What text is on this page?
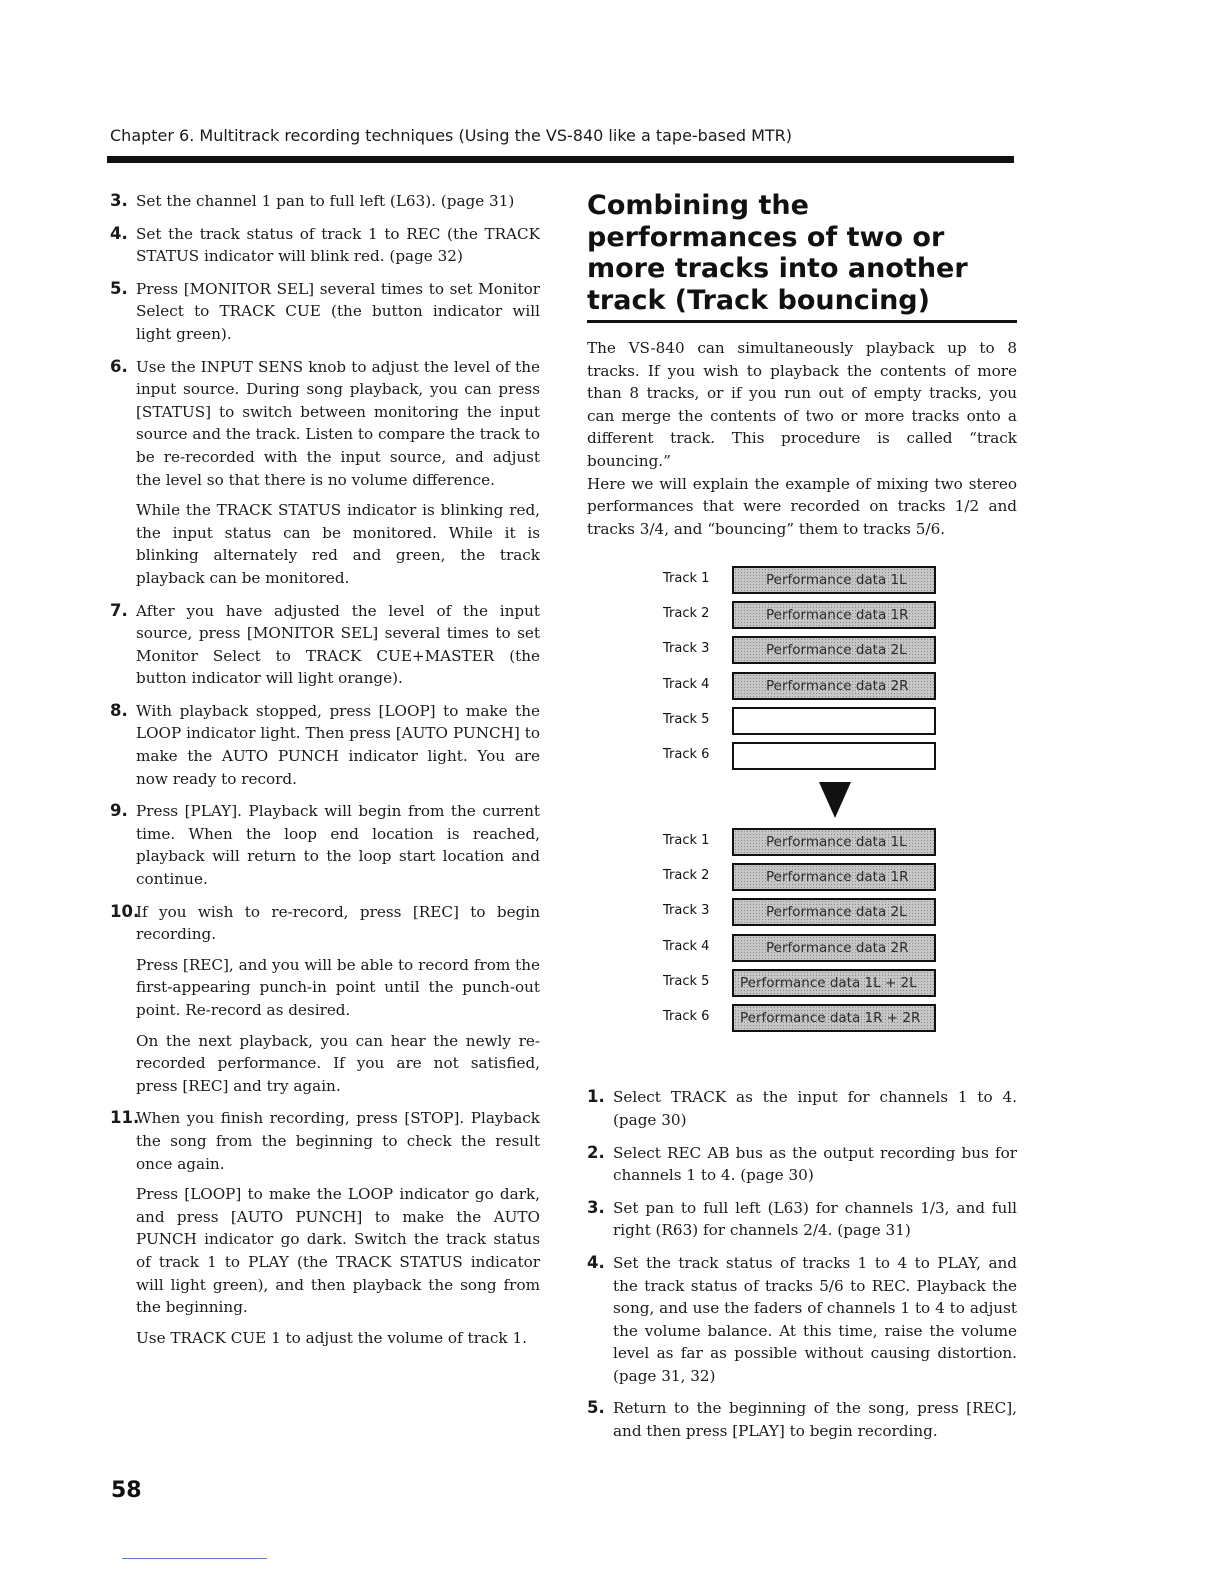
Chapter 6. Multitrack recording techniques (Using the VS-840 like a tape-based MTR)
3. Set the channel 1 pan to full left (L63). (page 31)

4. Set the track status of track 1 to REC (the TRACK STATUS indicator will blink red. (page 32)

5. Press [MONITOR SEL] several times to set Monitor Select to TRACK CUE (the button indicator will light green).

6. Use the INPUT SENS knob to adjust the level of the input source. During song playback, you can press [STATUS] to switch between monitoring the input source and the track. Listen to compare the track to be re-recorded with the input source, and adjust the level so that there is no volume difference.

While the TRACK STATUS indicator is blinking red, the input status can be monitored. While it is blinking alternately red and green, the track playback can be monitored.

7. After you have adjusted the level of the input source, press [MONITOR SEL] several times to set Monitor Select to TRACK CUE+MASTER (the button indicator will light orange).

8. With playback stopped, press [LOOP] to make the LOOP indicator light. Then press [AUTO PUNCH] to make the AUTO PUNCH indicator light. You are now ready to record.

9. Press [PLAY]. Playback will begin from the current time. When the loop end location is reached, playback will return to the loop start location and continue.

10.

If you wish to re-record, press [REC] to begin recording.

Press [REC], and you will be able to record from the first-appearing punch-in point until the punch-out point. Re-record as desired.

On the next playback, you can hear the newly re-recorded performance. If you are not satisfied, press [REC] and try again.

11.

When you finish recording, press [STOP]. Playback the song from the beginning to check the result once again.

Press [LOOP] to make the LOOP indicator go dark, and press [AUTO PUNCH] to make the AUTO PUNCH indicator go dark. Switch the track status of track 1 to PLAY (the TRACK STATUS indicator will light green), and then playback the song from the beginning.

Use TRACK CUE 1 to adjust the volume of track 1.

Combining the performances of two or more tracks into another track (Track bouncing)

The VS-840 can simultaneously playback up to 8 tracks. If you wish to playback the contents of more than 8 tracks, or if you run out of empty tracks, you can merge the contents of two or more tracks onto a different track. This procedure is called “track bouncing.”

Here we will explain the example of mixing two stereo performances that were recorded on tracks 1/2 and tracks 3/4, and “bouncing” them to tracks 5/6.

Track 1	Performance data 1L
Track 2	Performance data 1R
Track 3	Performance data 2L
Track 4	Performance data 2R
Track 5
Track 6
Track 1	Performance data 1L
Track 2	Performance data 1R
Track 3	Performance data 2L
Track 4	Performance data 2R
Track 5	Performance data 1L + 2L
Track 6	Performance data 1R + 2R
1. Select TRACK as the input for channels 1 to 4. (page 30)

2. Select REC AB bus as the output recording bus for channels 1 to 4. (page 30)

3. Set pan to full left (L63) for channels 1/3, and full right (R63) for channels 2/4. (page 31)

4. Set the track status of tracks 1 to 4 to PLAY, and the track status of tracks 5/6 to REC. Playback the song, and use the faders of channels 1 to 4 to adjust the volume balance. At this time, raise the volume level as far as possible without causing distortion. (page 31, 32)

5. Return to the beginning of the song, press [REC], and then press [PLAY] to begin recording.

58
